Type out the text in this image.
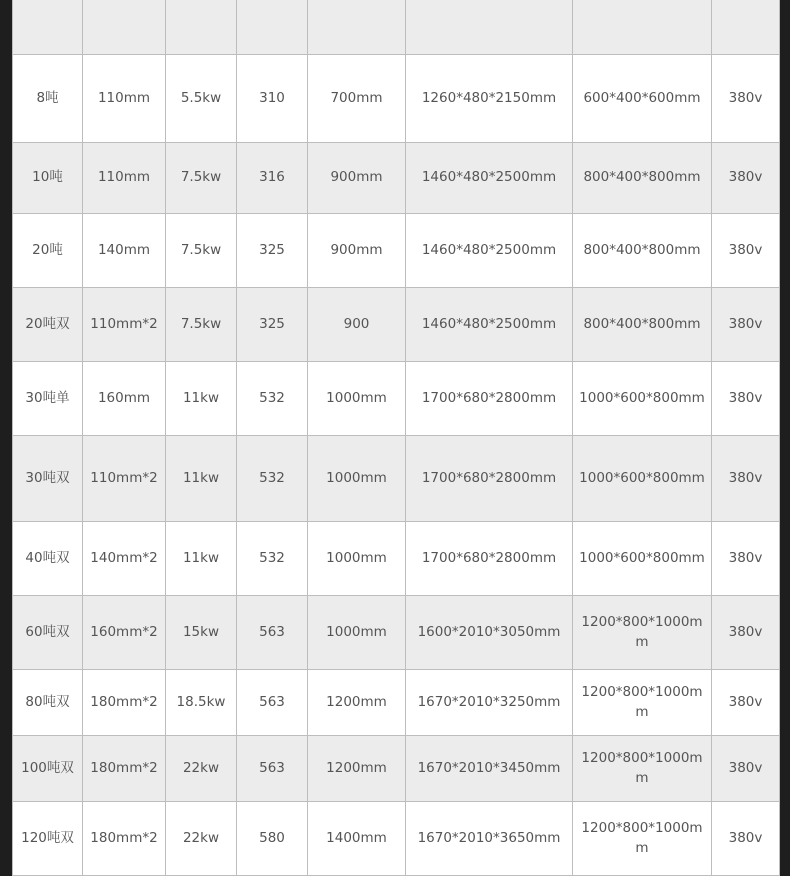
8吨	110mm	5.5kw	310	700mm	1260*480*2150mm	600*400*600mm	380v
10吨	110mm	7.5kw	316	900mm	1460*480*2500mm	800*400*800mm	380v
20吨	140mm	7.5kw	325	900mm	1460*480*2500mm	800*400*800mm	380v
20吨双	110mm*2	7.5kw	325	900	1460*480*2500mm	800*400*800mm	380v
30吨单	160mm	11kw	532	1000mm	1700*680*2800mm	1000*600*800mm	380v
30吨双	110mm*2	11kw	532	1000mm	1700*680*2800mm	1000*600*800mm	380v
40吨双	140mm*2	11kw	532	1000mm	1700*680*2800mm	1000*600*800mm	380v
60吨双	160mm*2	15kw	563	1000mm	1600*2010*3050mm	1200*800*1000mm	380v
80吨双	180mm*2	18.5kw	563	1200mm	1670*2010*3250mm	1200*800*1000mm	380v
100吨双	180mm*2	22kw	563	1200mm	1670*2010*3450mm	1200*800*1000mm	380v
120吨双	180mm*2	22kw	580	1400mm	1670*2010*3650mm	1200*800*1000mm	380v
